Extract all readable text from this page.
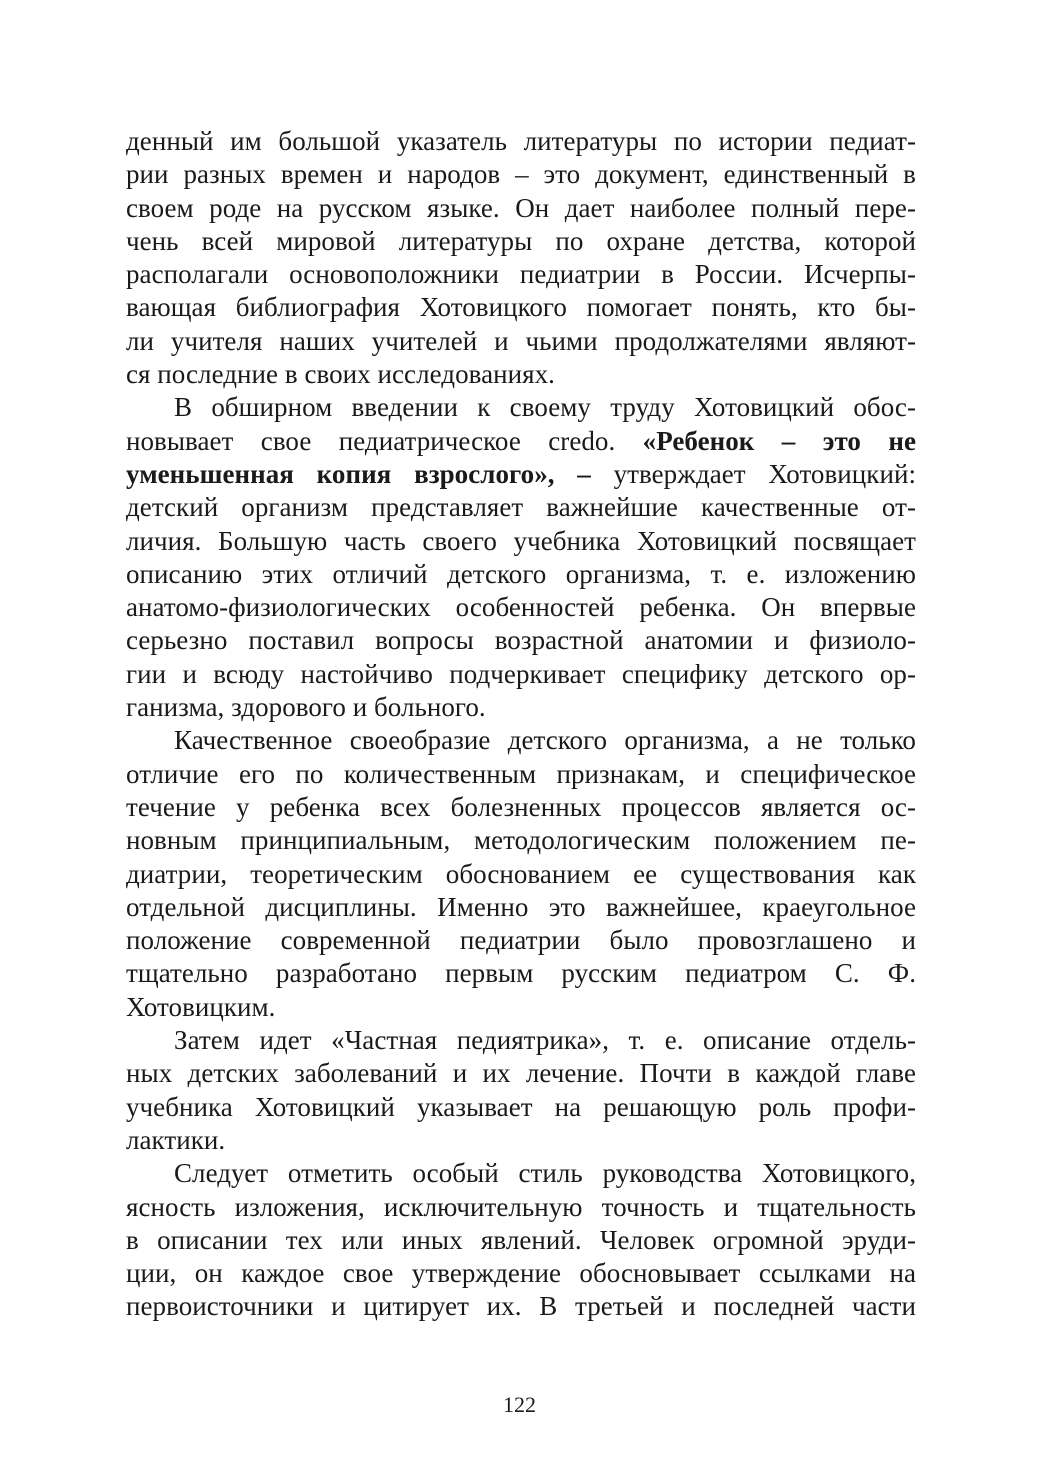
денный им большой указатель литературы по истории педиат-
рии разных времен и народов – это документ, единственный в
своем роде на русском языке. Он дает наиболее полный пере-
чень всей мировой литературы по охране детства, которой
располагали основоположники педиатрии в России. Исчерпы-
вающая библиография Хотовицкого помогает понять, кто бы-
ли учителя наших учителей и чьими продолжателями являют-
ся последние в своих исследованиях.

В обширном введении к своему труду Хотовицкий обос-
новывает свое педиатрическое credo. «Ребенок – это не
уменьшенная копия взрослого», – утверждает Хотовицкий:
детский организм представляет важнейшие качественные от-
личия. Большую часть своего учебника Хотовицкий посвящает
описанию этих отличий детского организма, т. е. изложению
анатомо-физиологических особенностей ребенка. Он впервые
серьезно поставил вопросы возрастной анатомии и физиоло-
гии и всюду настойчиво подчеркивает специфику детского ор-
ганизма, здорового и больного.

Качественное своеобразие детского организма, а не только
отличие его по количественным признакам, и специфическое
течение у ребенка всех болезненных процессов является ос-
новным принципиальным, методологическим положением пе-
диатрии, теоретическим обоснованием ее существования как
отдельной дисциплины. Именно это важнейшее, краеугольное
положение современной педиатрии было провозглашено и
тщательно разработано первым русским педиатром С. Ф.
Хотовицким.

Затем идет «Частная педиятрика», т. е. описание отдель-
ных детских заболеваний и их лечение. Почти в каждой главе
учебника Хотовицкий указывает на решающую роль профи-
лактики.

Следует отметить особый стиль руководства Хотовицкого,
ясность изложения, исключительную точность и тщательность
в описании тех или иных явлений. Человек огромной эруди-
ции, он каждое свое утверждение обосновывает ссылками на
первоисточники и цитирует их. В третьей и последней части

122
